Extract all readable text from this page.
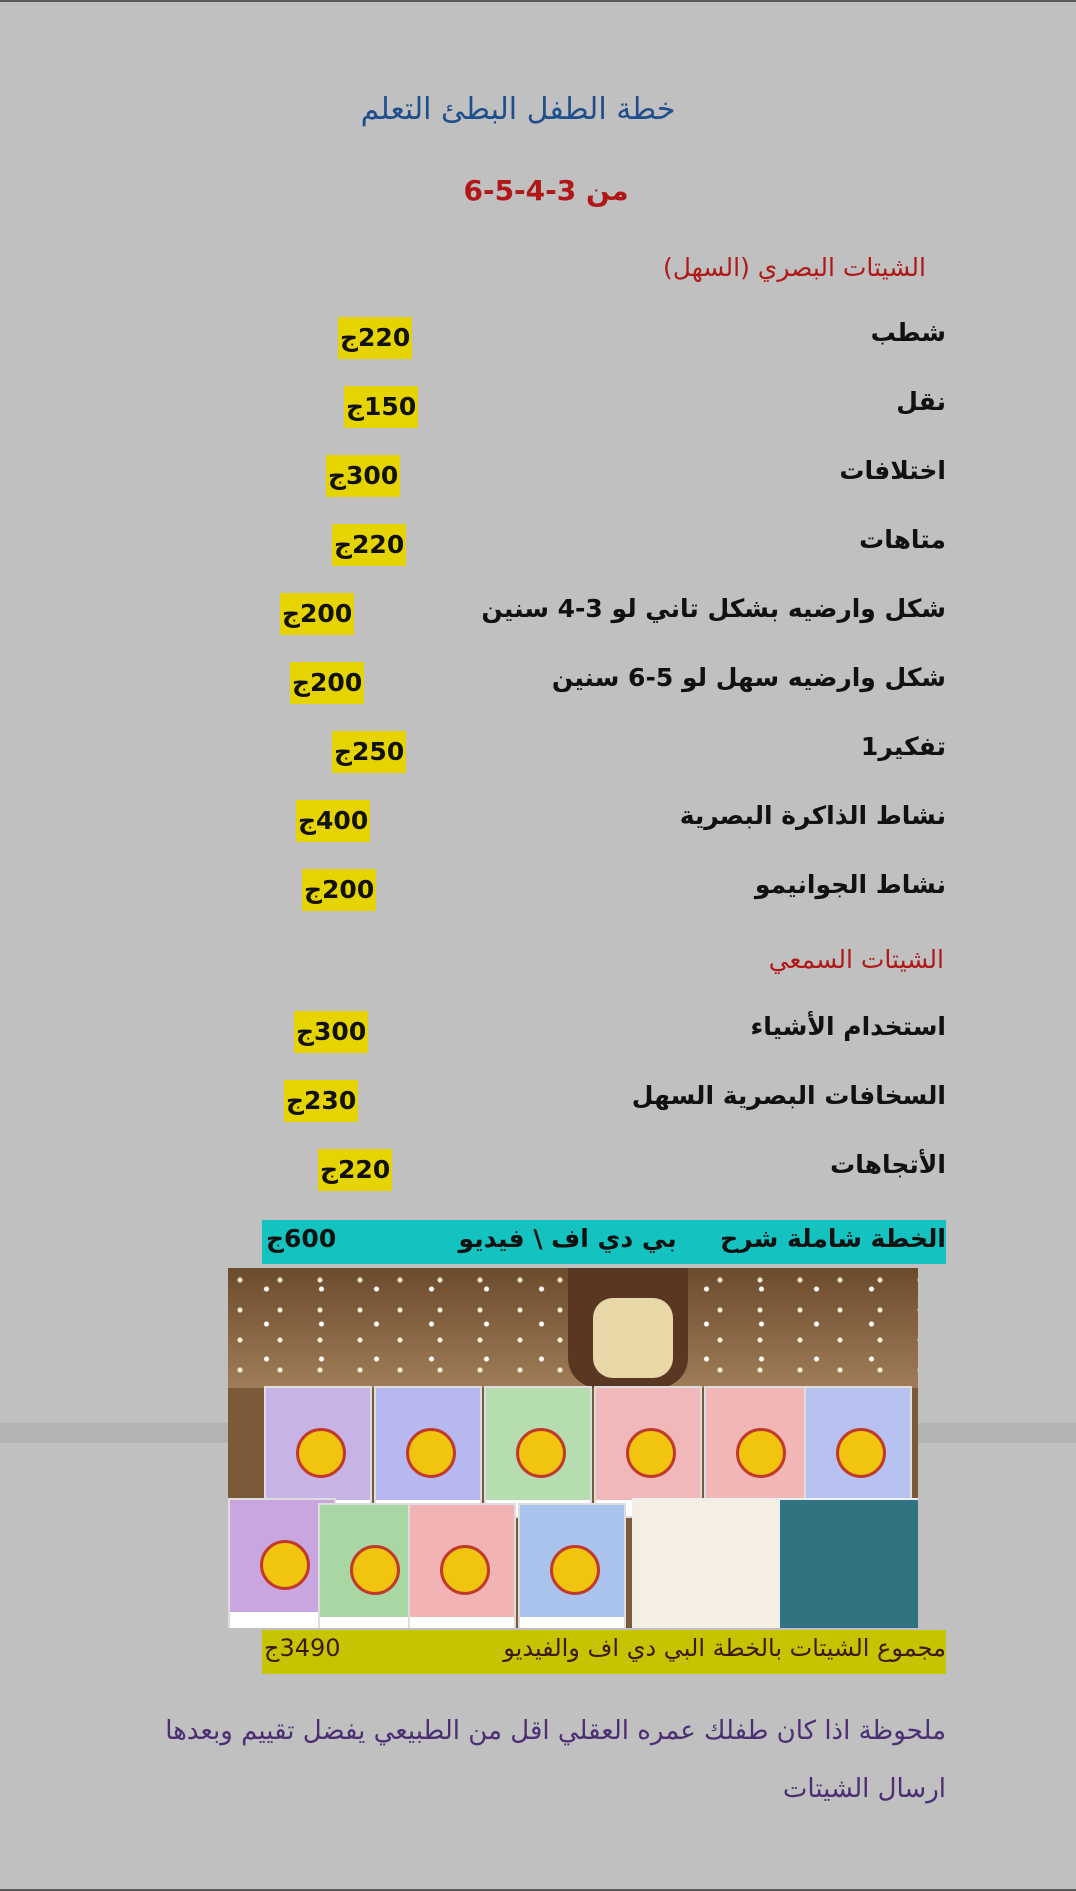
خطة الطفل البطئ التعلم
من 3-4-5-6
الشيتات البصري (السهل)
شطب
220ج
نقل
150ج
اختلافات
300ج
متاهات
220ج
شكل وارضيه بشكل تاني لو 3-4 سنين
200ج
شكل وارضيه سهل لو 5-6 سنين
200ج
تفكير1
250ج
نشاط الذاكرة البصرية
400ج
نشاط الجوانيمو
200ج
الشيتات السمعي
استخدام الأشياء
300ج
السخافات البصرية السهل
230ج
الأتجاهات
220ج
الخطة شاملة شرح     بي دي اف \ فيديو
600ج
مجموع الشيتات بالخطة البي دي اف والفيديو
3490ج
ملحوظة اذا كان طفلك عمره العقلي اقل من الطبيعي يفضل تقييم وبعدها ارسال الشيتات
